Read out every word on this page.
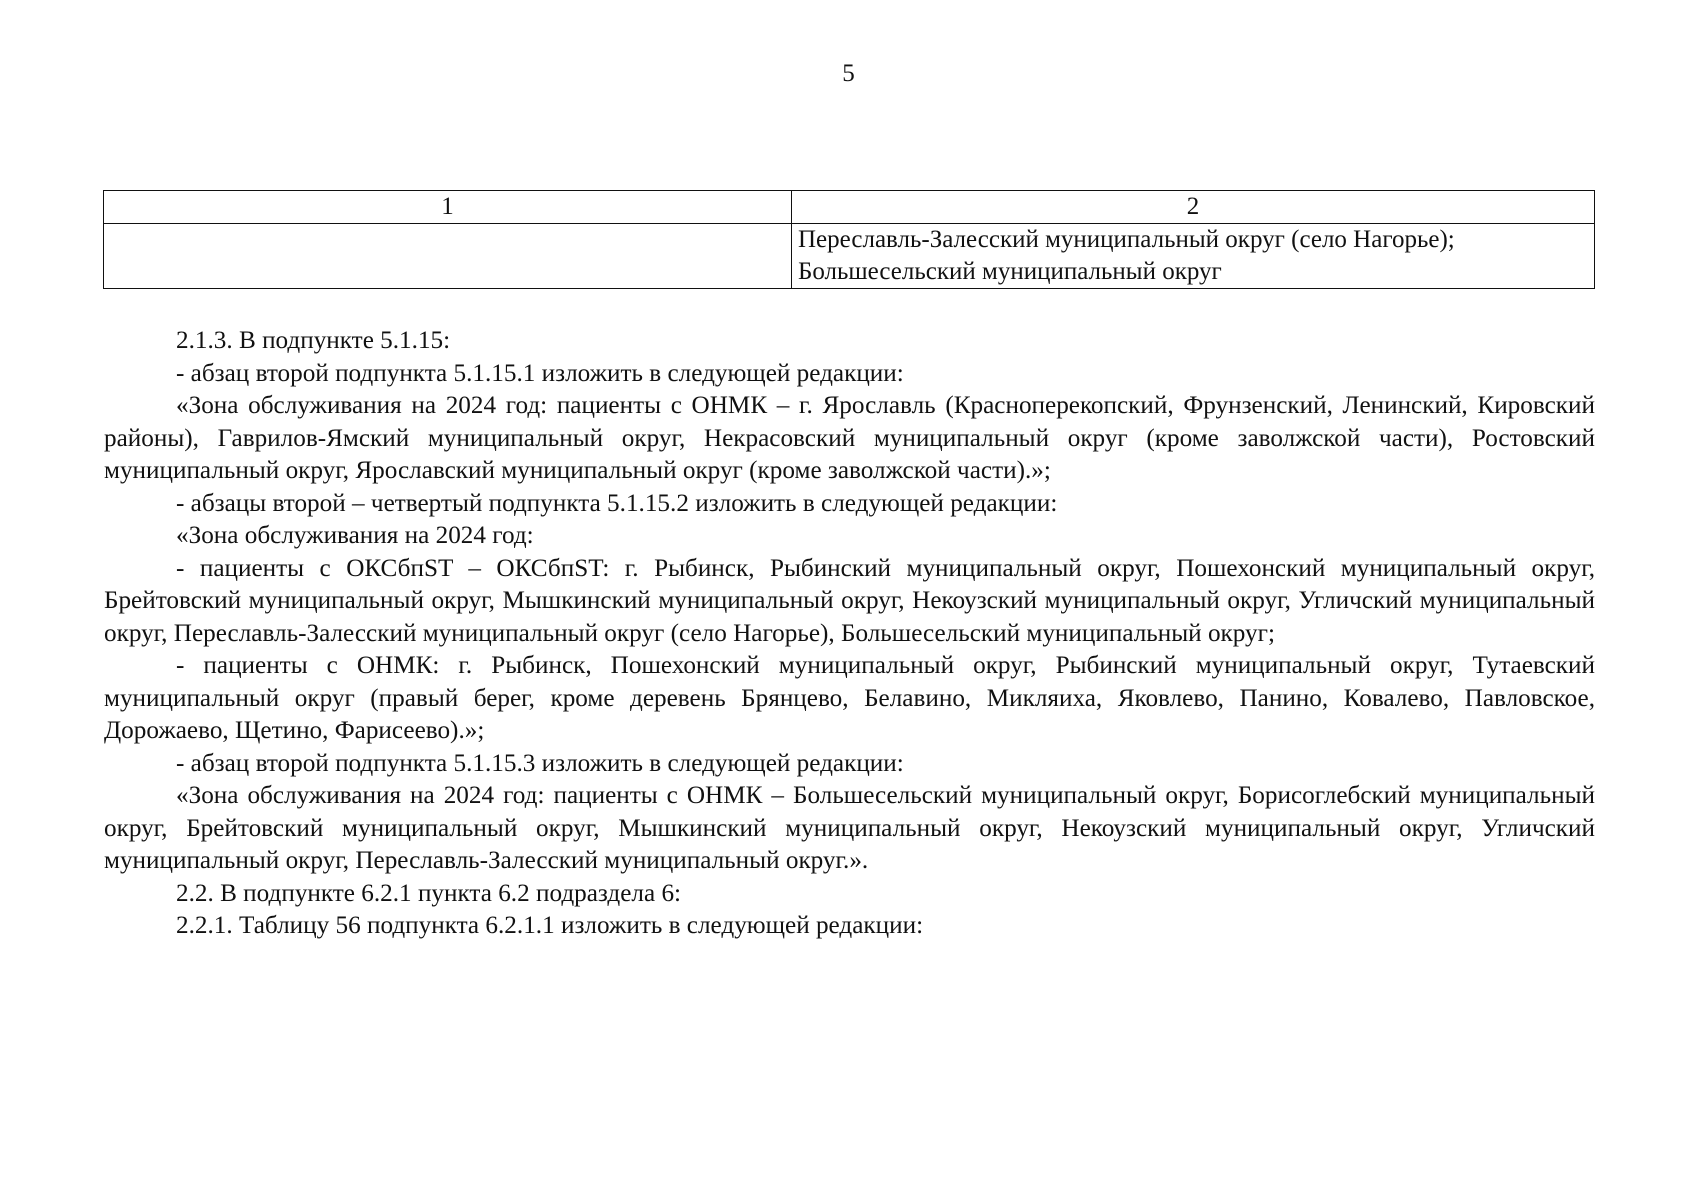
5
1	2

	Переславль-Залесский муниципальный округ (село Нагорье);
Большесельский муниципальный округ

2.1.3. В подпункте 5.1.15:

- абзац второй подпункта 5.1.15.1 изложить в следующей редакции:

«Зона обслуживания на 2024 год: пациенты с ОНМК – г. Ярославль (Красноперекопский, Фрунзенский, Ленинский, Кировский районы), Гаврилов-Ямский муниципальный округ, Некрасовский муниципальный округ (кроме заволжской части), Ростовский муниципальный округ, Ярославский муниципальный округ (кроме заволжской части).»;

- абзацы второй – четвертый подпункта 5.1.15.2 изложить в следующей редакции:

«Зона обслуживания на 2024 год:

- пациенты с ОКСбпST – ОКСбпST: г. Рыбинск, Рыбинский муниципальный округ, Пошехонский муниципальный округ, Брейтовский муниципальный округ, Мышкинский муниципальный округ, Некоузский муниципальный округ, Угличский муниципальный округ, Переславль-Залесский муниципальный округ (село Нагорье), Большесельский муниципальный округ;

- пациенты с ОНМК: г. Рыбинск, Пошехонский муниципальный округ, Рыбинский муниципальный округ, Тутаевский муниципальный округ (правый берег, кроме деревень Брянцево, Белавино, Микляиха, Яковлево, Панино, Ковалево, Павловское, Дорожаево, Щетино, Фарисеево).»;

- абзац второй подпункта 5.1.15.3 изложить в следующей редакции:

«Зона обслуживания на 2024 год: пациенты с ОНМК – Большесельский муниципальный округ, Борисоглебский муниципальный округ, Брейтовский муниципальный округ, Мышкинский муниципальный округ, Некоузский муниципальный округ, Угличский муниципальный округ, Переславль-Залесский муниципальный округ.».

2.2. В подпункте 6.2.1 пункта 6.2 подраздела 6:

2.2.1. Таблицу 56 подпункта 6.2.1.1 изложить в следующей редакции:
